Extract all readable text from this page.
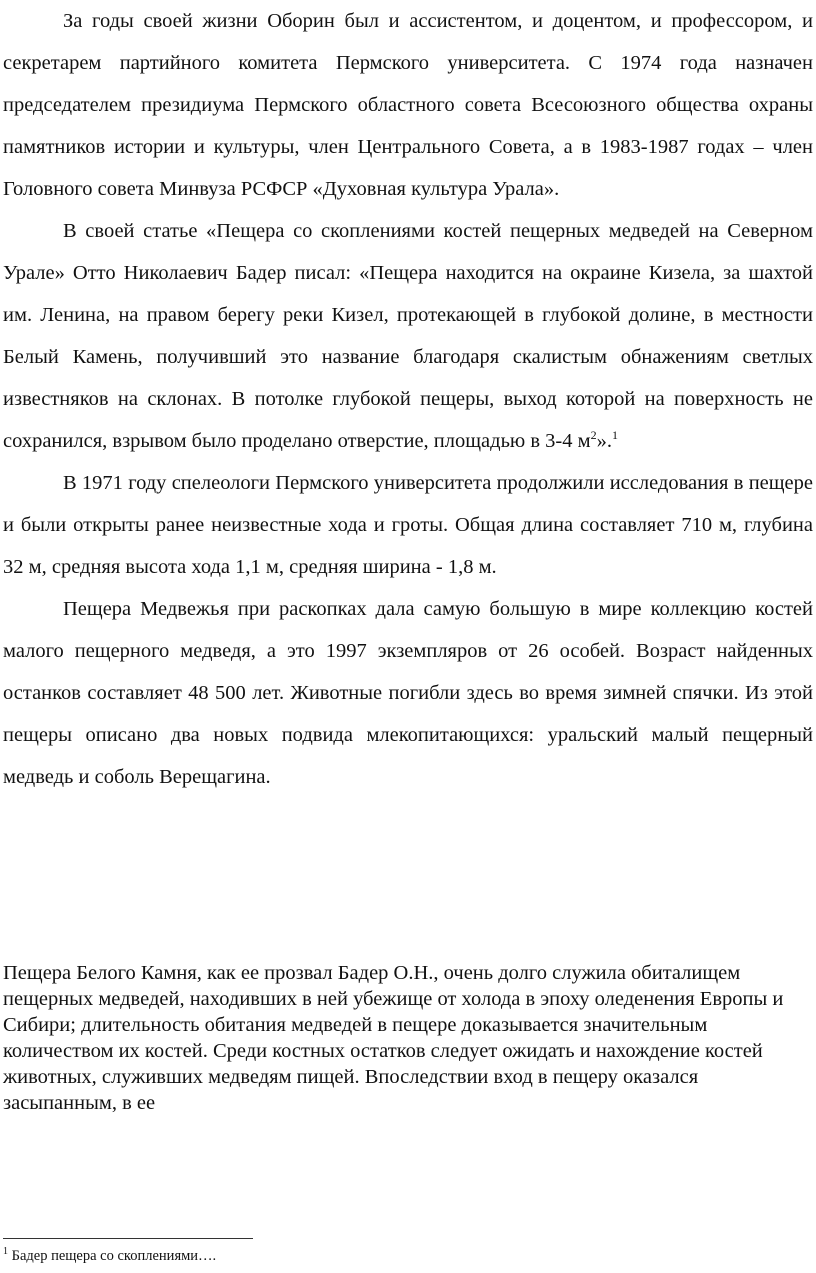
За годы своей жизни Оборин был и ассистентом, и доцентом, и профессором, и секретарем партийного комитета Пермского университета. С 1974 года назначен председателем президиума Пермского областного совета Всесоюзного общества охраны памятников истории и культуры, член Центрального Совета, а в 1983-1987 годах – член Головного совета Минвуза РСФСР «Духовная культура Урала».

В своей статье «Пещера со скоплениями костей пещерных медведей на Северном Урале» Отто Николаевич Бадер писал: «Пещера находится на окраине Кизела, за шахтой им. Ленина, на правом берегу реки Кизел, протекающей в глубокой долине, в местности Белый Камень, получивший это название благодаря скалистым обнажениям светлых известняков на склонах. В потолке глубокой пещеры, выход которой на поверхность не сохранился, взрывом было проделано отверстие, площадью в 3-4 $м^2».^1$

В 1971 году спелеологи Пермского университета продолжили исследования в пещере и были открыты ранее неизвестные хода и гроты. Общая длина составляет 710 м, глубина 32 м, средняя высота хода 1,1 м, средняя ширина - 1,8 м.

Пещера Медвежья при раскопках дала самую большую в мире коллекцию костей малого пещерного медведя, а это 1997 экземпляров от 26 особей. Возраст найденных останков составляет 48 500 лет. Животные погибли здесь во время зимней спячки. Из этой пещеры описано два новых подвида млекопитающихся: уральский малый пещерный медведь и соболь Верещагина.

Пещера Белого Камня, как ее прозвал Бадер О.Н., очень долго служила обиталищем пещерных медведей, находивших в ней убежище от холода в эпоху оледенения Европы и Сибири; длительность обитания медведей в пещере доказывается значительным количеством их костей. Среди костных остатков следует ожидать и нахождение костей животных, служивших медведям пищей. Впоследствии вход в пещеру оказался засыпанным, в ее

$^1$ Бадер пещера со скоплениями….
